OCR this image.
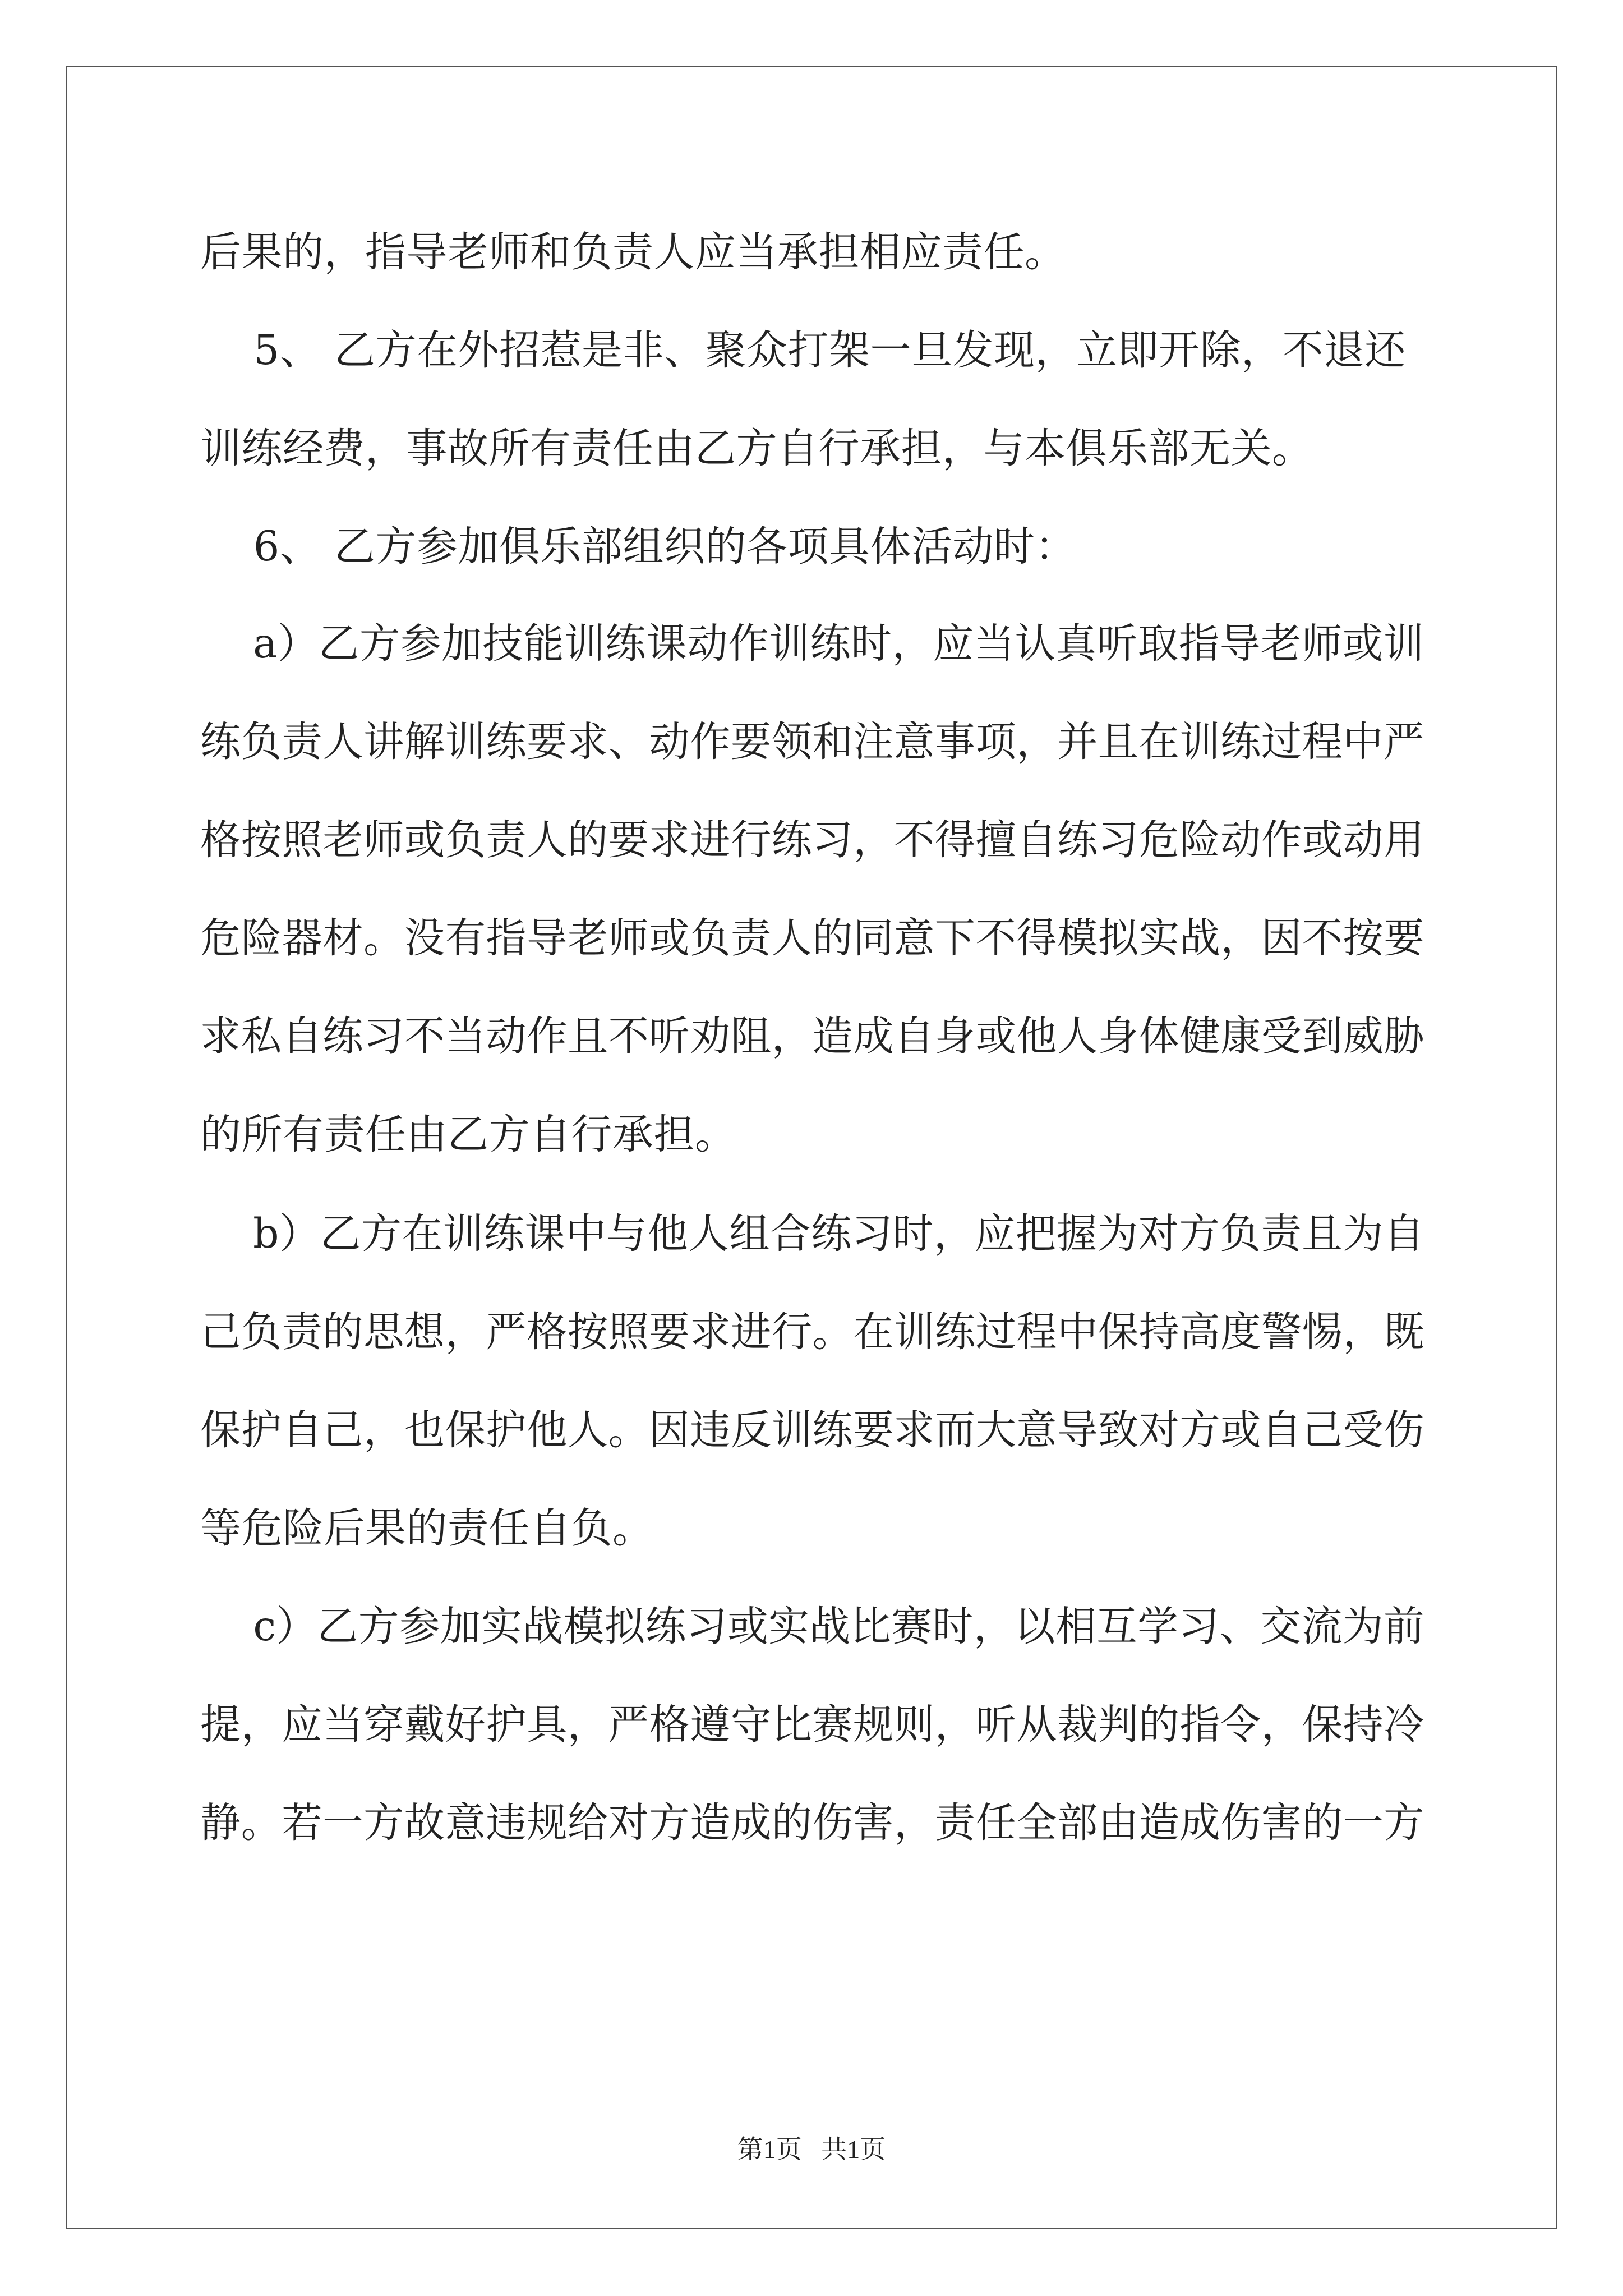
后果的，指导老师和负责人应当承担相应责任。
5、 乙方在外招惹是非、聚众打架一旦发现，立即开除，不退还
训练经费，事故所有责任由乙方自行承担，与本俱乐部无关。
6、 乙方参加俱乐部组织的各项具体活动时：
a）乙方参加技能训练课动作训练时，应当认真听取指导老师或训
练负责人讲解训练要求、动作要领和注意事项，并且在训练过程中严
格按照老师或负责人的要求进行练习，不得擅自练习危险动作或动用
危险器材。没有指导老师或负责人的同意下不得模拟实战，因不按要
求私自练习不当动作且不听劝阻，造成自身或他人身体健康受到威胁
的所有责任由乙方自行承担。
b）乙方在训练课中与他人组合练习时，应把握为对方负责且为自
己负责的思想，严格按照要求进行。在训练过程中保持高度警惕，既
保护自己，也保护他人。因违反训练要求而大意导致对方或自己受伤
等危险后果的责任自负。
c）乙方参加实战模拟练习或实战比赛时，以相互学习、交流为前
提，应当穿戴好护具，严格遵守比赛规则，听从裁判的指令，保持冷
静。若一方故意违规给对方造成的伤害，责任全部由造成伤害的一方
第1页   共1页
